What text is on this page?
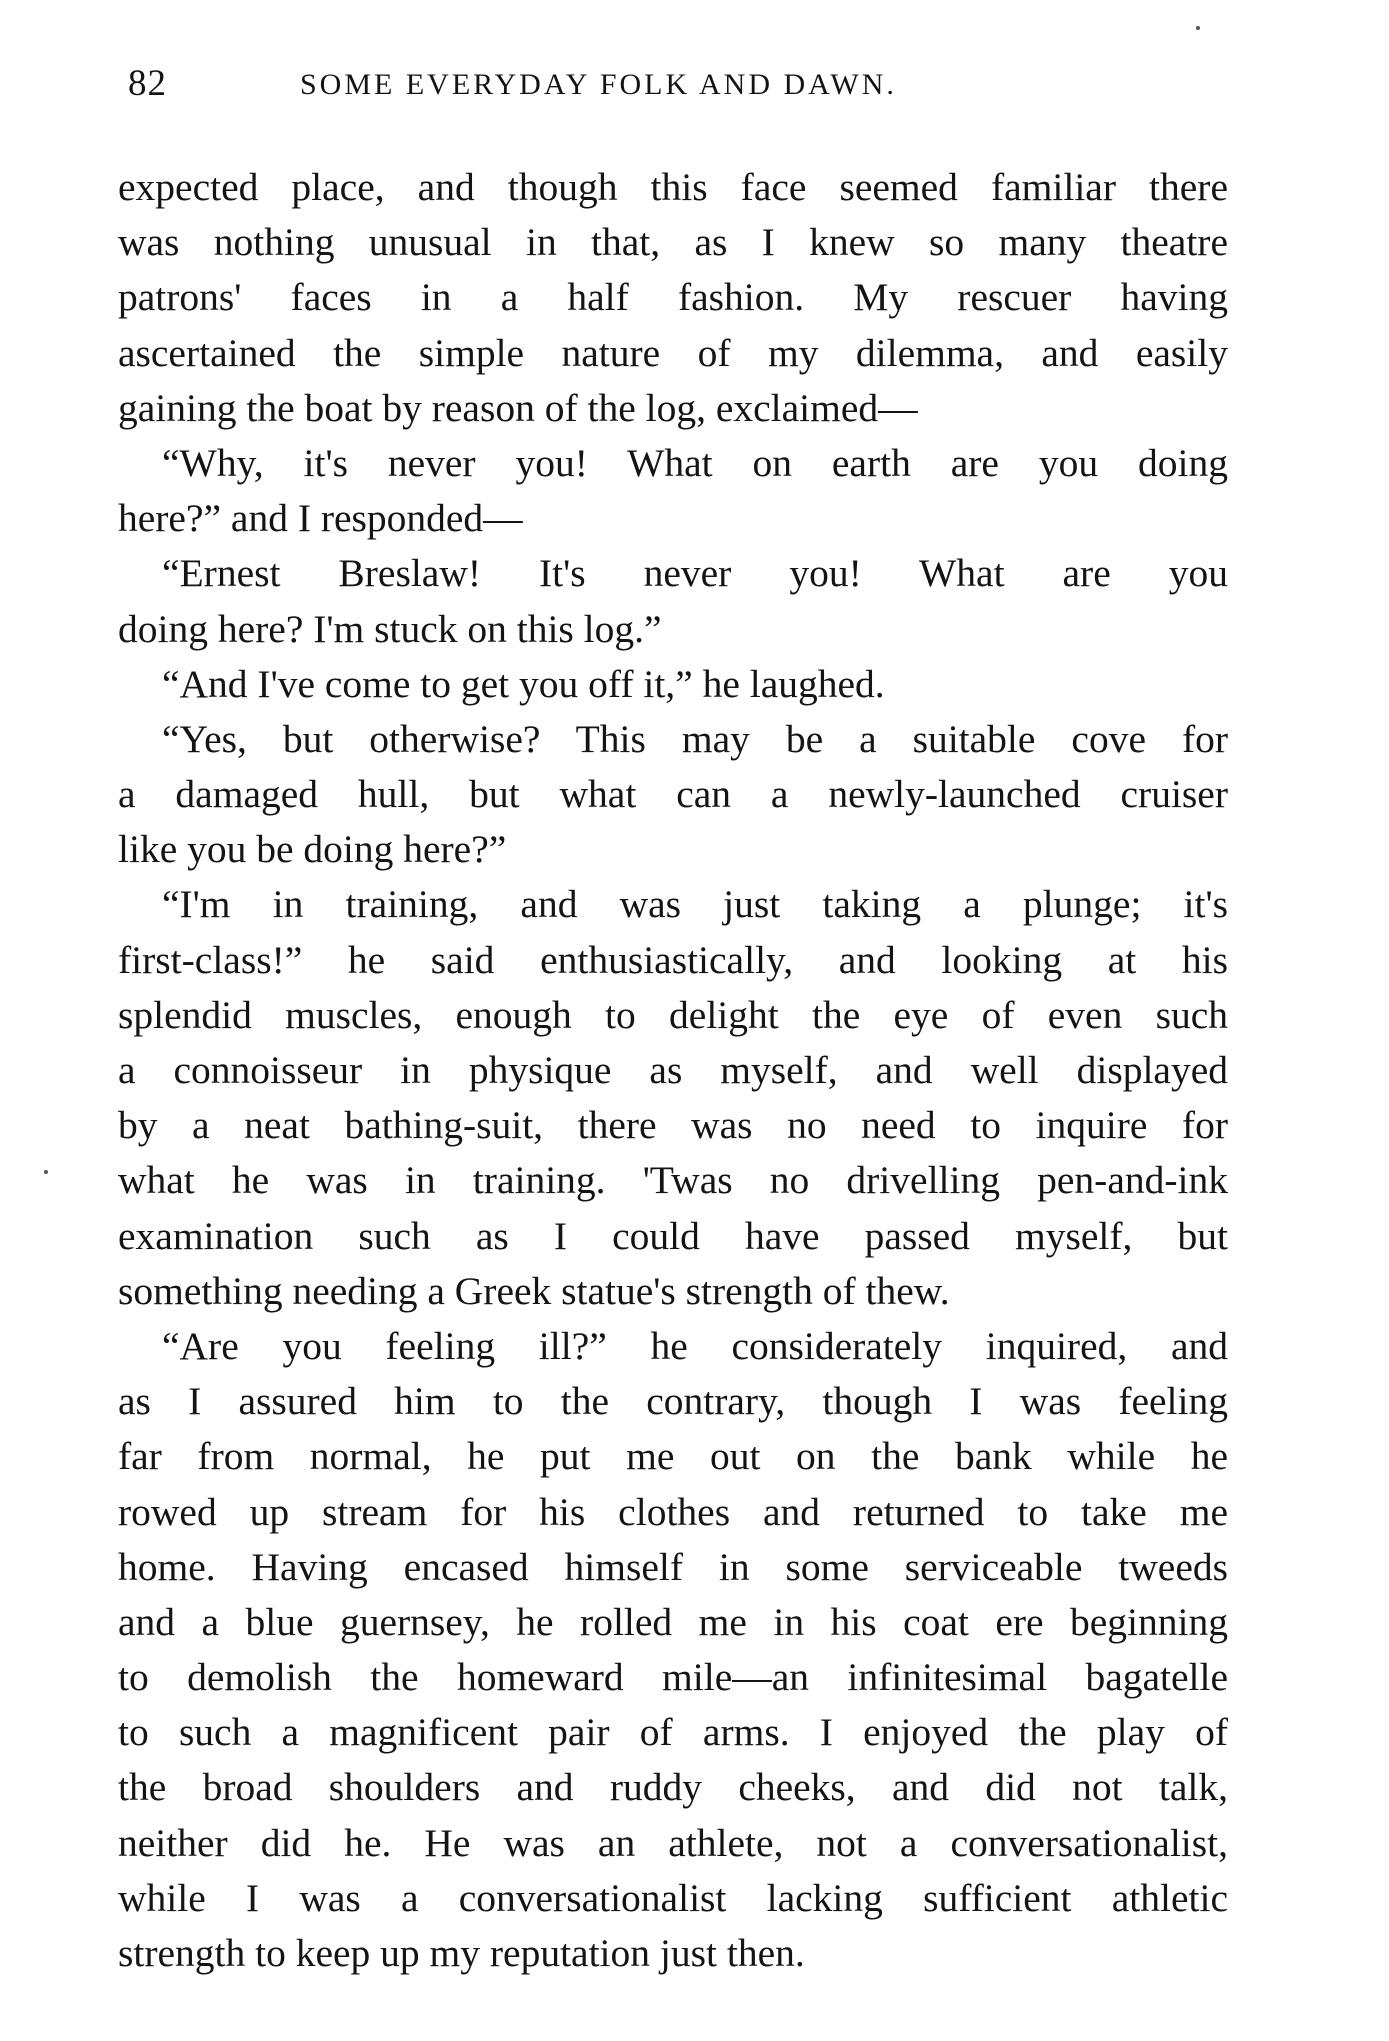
82	SOME EVERYDAY FOLK AND DAWN.
expected place, and though this face seemed familiar there
was nothing unusual in that, as I knew so many theatre
patrons' faces in a half fashion. My rescuer having
ascertained the simple nature of my dilemma, and easily
gaining the boat by reason of the log, exclaimed—
“Why, it's never you! What on earth are you doing
here?” and I responded—
“Ernest Breslaw! It's never you! What are you
doing here? I'm stuck on this log.”
“And I've come to get you off it,” he laughed.
“Yes, but otherwise? This may be a suitable cove for
a damaged hull, but what can a newly-launched cruiser
like you be doing here?”
“I'm in training, and was just taking a plunge; it's
first-class!” he said enthusiastically, and looking at his
splendid muscles, enough to delight the eye of even such
a connoisseur in physique as myself, and well displayed
by a neat bathing-suit, there was no need to inquire for
what he was in training. 'Twas no drivelling pen-and-ink
examination such as I could have passed myself, but
something needing a Greek statue's strength of thew.
“Are you feeling ill?” he considerately inquired, and
as I assured him to the contrary, though I was feeling
far from normal, he put me out on the bank while he
rowed up stream for his clothes and returned to take me
home. Having encased himself in some serviceable tweeds
and a blue guernsey, he rolled me in his coat ere beginning
to demolish the homeward mile—an infinitesimal bagatelle
to such a magnificent pair of arms. I enjoyed the play of
the broad shoulders and ruddy cheeks, and did not talk,
neither did he. He was an athlete, not a conversationalist,
while I was a conversationalist lacking sufficient athletic
strength to keep up my reputation just then.
